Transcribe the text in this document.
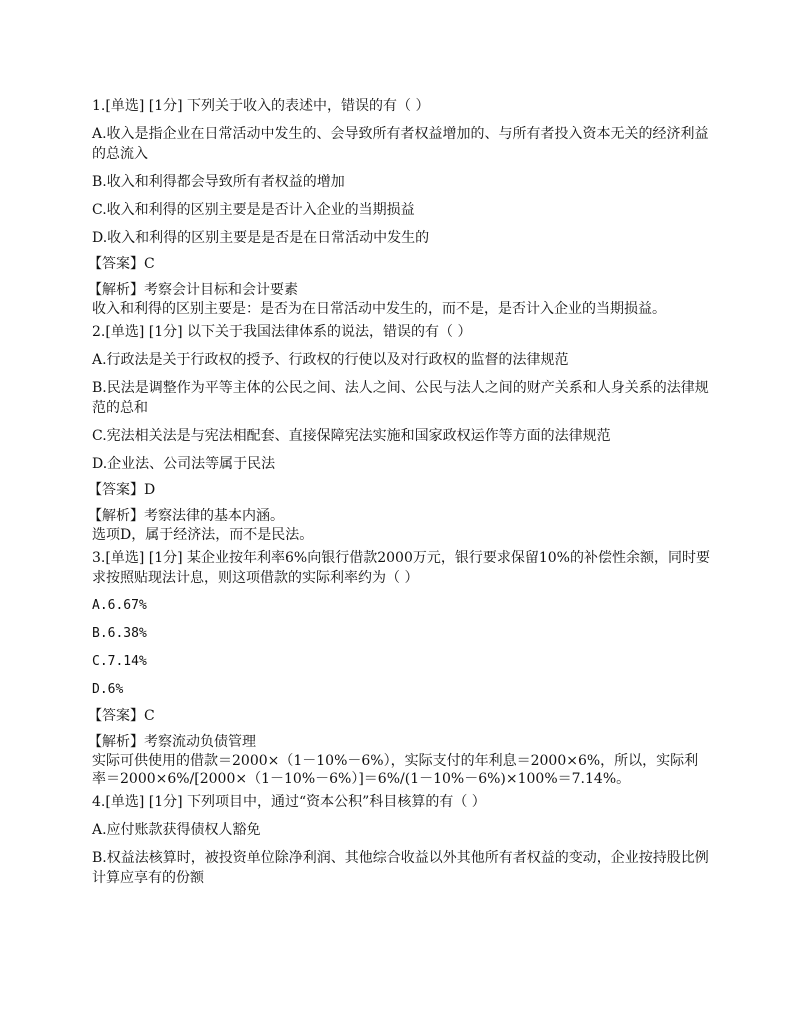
1.[单选] [1分] 下列关于收入的表述中，错误的有（ ）

A.收入是指企业在日常活动中发生的、会导致所有者权益增加的、与所有者投入资本无关的经济利益的总流入

B.收入和利得都会导致所有者权益的增加

C.收入和利得的区别主要是是否计入企业的当期损益

D.收入和利得的区别主要是是否是在日常活动中发生的

【答案】C

【解析】考察会计目标和会计要素

收入和利得的区别主要是：是否为在日常活动中发生的，而不是，是否计入企业的当期损益。

2.[单选] [1分] 以下关于我国法律体系的说法，错误的有（ ）

A.行政法是关于行政权的授予、行政权的行使以及对行政权的监督的法律规范

B.民法是调整作为平等主体的公民之间、法人之间、公民与法人之间的财产关系和人身关系的法律规范的总和

C.宪法相关法是与宪法相配套、直接保障宪法实施和国家政权运作等方面的法律规范

D.企业法、公司法等属于民法

【答案】D

【解析】考察法律的基本内涵。

选项D，属于经济法，而不是民法。

3.[单选] [1分] 某企业按年利率6%向银行借款2000万元，银行要求保留10%的补偿性余额，同时要求按照贴现法计息，则这项借款的实际利率约为（ ）

A.6.67%

B.6.38%

C.7.14%

D.6%

【答案】C

【解析】考察流动负债管理

实际可供使用的借款＝2000×（1－10%－6%），实际支付的年利息＝2000×6%，所以，实际利率＝2000×6%/[2000×（1－10%－6%）]＝6%/(1－10%－6%)×100%＝7.14%。

4.[单选] [1分] 下列项目中，通过“资本公积”科目核算的有（ ）

A.应付账款获得债权人豁免

B.权益法核算时，被投资单位除净利润、其他综合收益以外其他所有者权益的变动，企业按持股比例计算应享有的份额
